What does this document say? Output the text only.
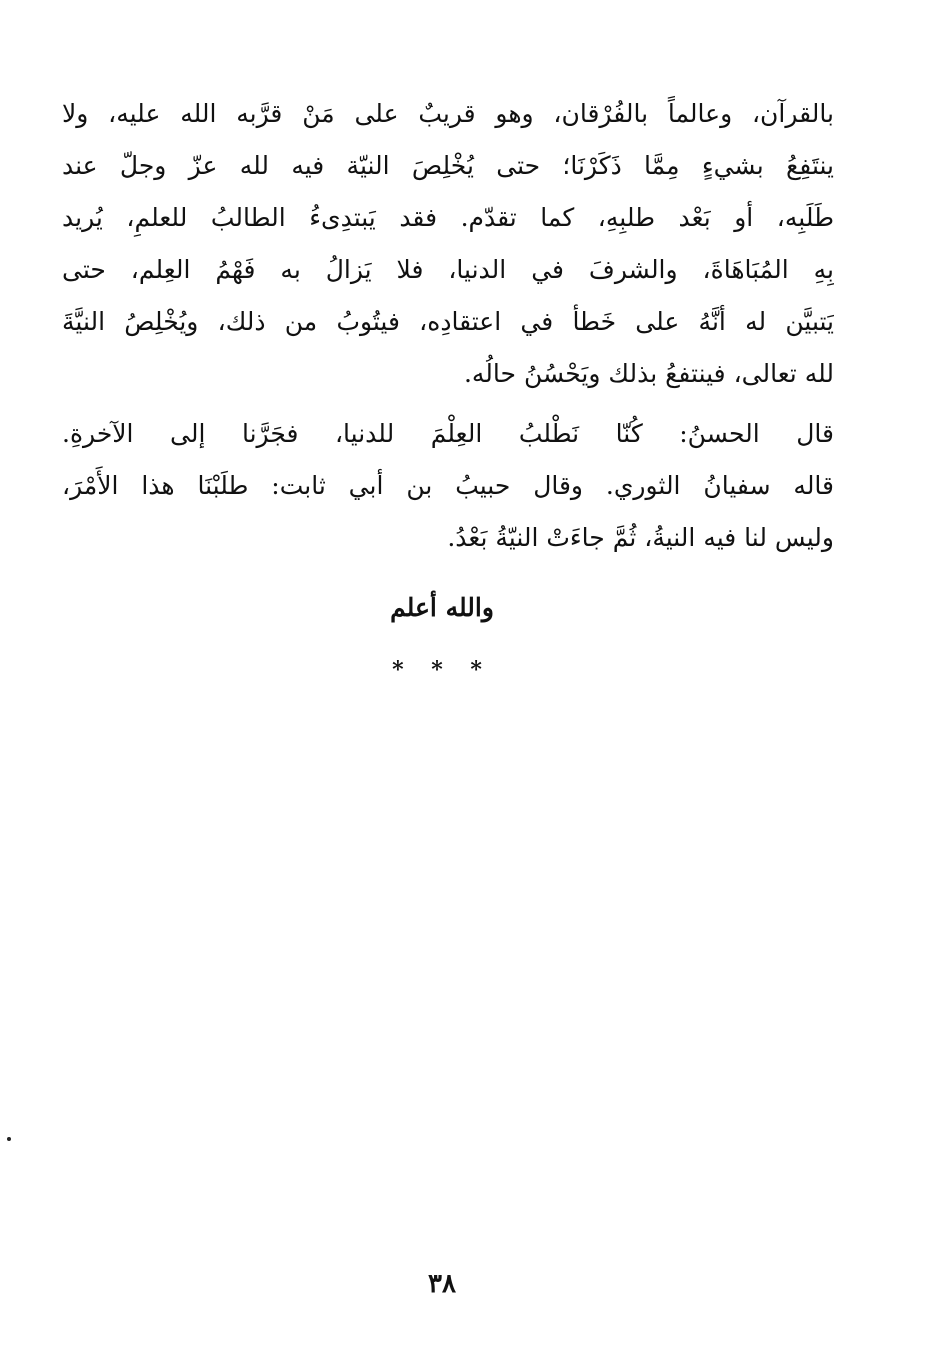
بالقرآن، وعالماً بالفُرْقان، وهو قريبٌ على مَنْ قرَّبه الله عليه، ولا
ينتَفِعُ بشيءٍ مِمَّا ذَكَرْنَا؛ حتى يُخْلِصَ النيّة فيه لله عزّ وجلّ عند
طَلَبِه، أو بَعْد طلبِهِ، كما تقدّم. فقد يَبتدِىءُ الطالبُ للعلمِ، يُريد
بِهِ المُبَاهَاةَ، والشرفَ في الدنيا، فلا يَزالُ به فَهْمُ العِلم، حتى
يَتبيَّن له أنَّهُ على خَطأ في اعتقادِه، فيتُوبُ من ذلك، ويُخْلِصُ النيَّةَ
لله تعالى، فينتفعُ بذلك ويَحْسُنُ حالُه.
قال الحسنُ: كُنّا نَطْلبُ العِلْمَ للدنيا، فجَرَّنا إلى الآخرةِ.
قاله سفيانُ الثوري. وقال حبيبُ بن أبي ثابت: طلَبْنَا هذا الأَمْرَ،
وليس لنا فيه النيةُ، ثُمَّ جاءَتْ النيّةُ بَعْدُ.
والله أعلم
* * *
٣٨
